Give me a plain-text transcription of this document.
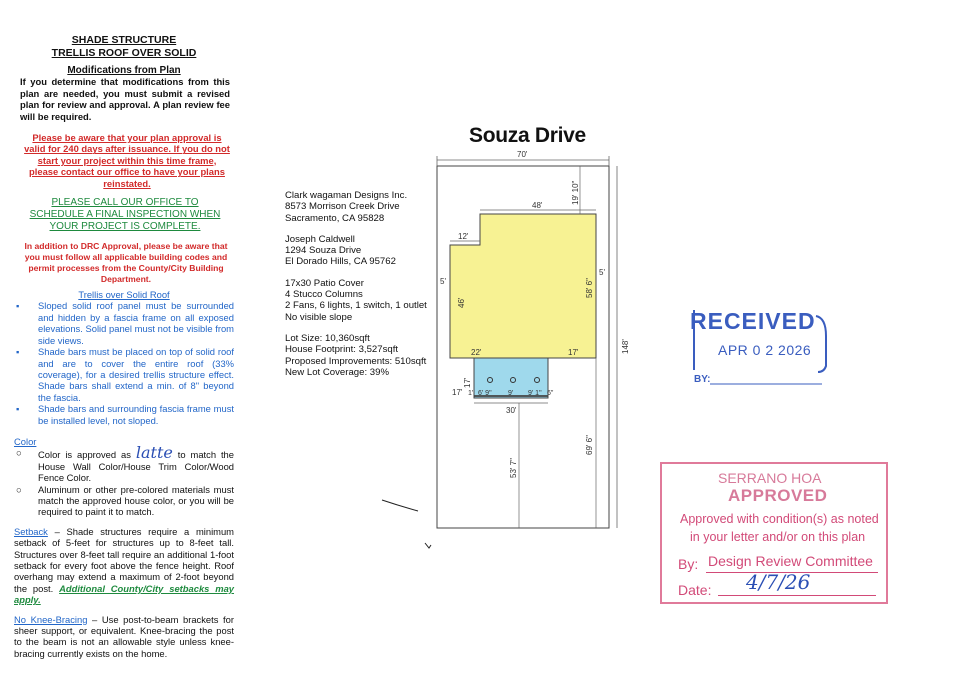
SHADE STRUCTURE
TRELLIS ROOF OVER SOLID
Modifications from Plan

If you determine that modifications from this plan are needed, you must submit a revised plan for review and approval. A plan review fee will be required.

Please be aware that your plan approval is valid for 240 days after issuance. If you do not start your project within this time frame, please contact our office to have your plans reinstated.

PLEASE CALL OUR OFFICE TO SCHEDULE A FINAL INSPECTION WHEN YOUR PROJECT IS COMPLETE.

In addition to DRC Approval, please be aware that you must follow all applicable building codes and permit processes from the County/City Building Department.

Trellis over Solid Roof
▪ Sloped solid roof panel must be surrounded and hidden by a fascia frame on all exposed elevations. Solid panel must not be visible from side views.
▪ Shade bars must be placed on top of solid roof and are to cover the entire roof (33% coverage), for a desired trellis structure effect. Shade bars shall extend a min. of 8" beyond the fascia.
▪ Shade bars and surrounding fascia frame must be installed level, not sloped.
Color
○ Color is approved as latte to match the House Wall Color/House Trim Color/Wood Fence Color.
○ Aluminum or other pre-colored materials must match the approved house color, or you will be required to paint it to match.

Setback – Shade structures require a minimum setback of 5-feet for structures up to 8-feet tall. Structures over 8-feet tall require an additional 1-foot setback for every foot above the fence height. Roof overhang may extend a maximum of 2-foot beyond the post. Additional County/City setbacks may apply.

No Knee-Bracing – Use post-to-beam brackets for sheer support, or equivalent. Knee-bracing the post to the beam is not an allowable style unless knee-bracing currently exists on the home.

Souza Drive

Clark wagaman Designs Inc.
8573 Morrison Creek Drive
Sacramento, CA 95828

Joseph Caldwell
1294 Souza Drive
El Dorado Hills, CA 95762

17x30 Patio Cover
4 Stucco Columns
2 Fans, 6 lights, 1 switch, 1 outlet
No visible slope

Lot Size: 10,360sqft
House Footprint: 3,527sqft
Proposed Improvements: 510sqft
New Lot Coverage: 39%

70'
148'
48'
19' 10"
12'
5'
5'
46'
58' 6"
22'	17'
17'
17' 1' 6' 9" 9' 9' 1" 6"
30'
53' 7"
69' 6"
RECEIVED
APR 0 2 2026
BY:
SERRANO HOA
APPROVED
Approved with condition(s) as noted
in your letter and/or on this plan
By: Design Review Committee
Date: 4/7/26
